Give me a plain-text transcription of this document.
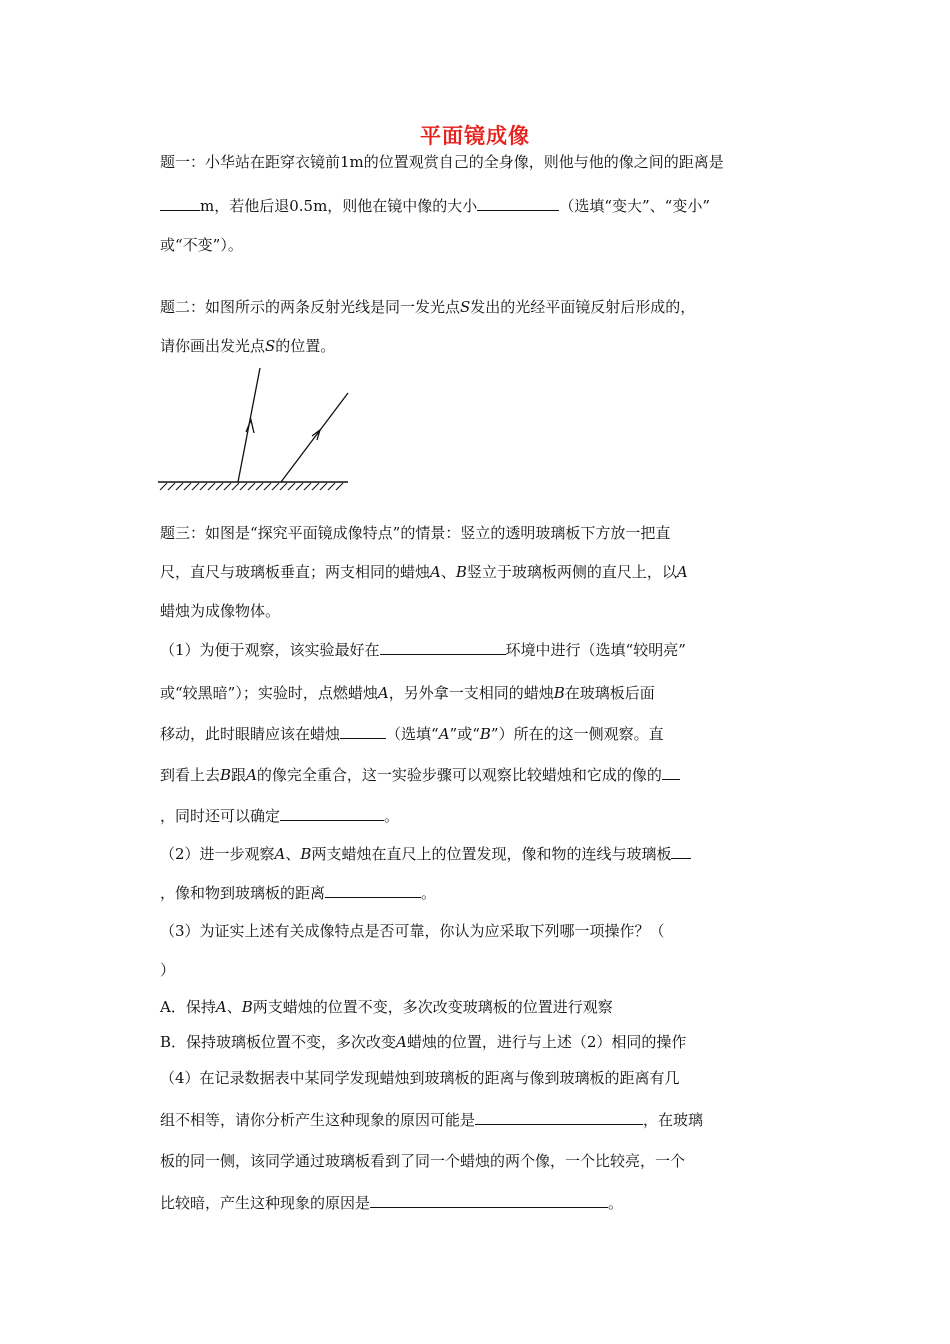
平面镜成像
题一：小华站在距穿衣镜前1m的位置观赏自己的全身像，则他与他的像之间的距离是
m，若他后退0.5m，则他在镜中像的大小	（选填“变大”、“变小”
或“不变”）。
题二：如图所示的两条反射光线是同一发光点S发出的光经平面镜反射后形成的，
请你画出发光点S的位置。
题三：如图是“探究平面镜成像特点”的情景：竖立的透明玻璃板下方放一把直
尺，直尺与玻璃板垂直；两支相同的蜡烛A、B竖立于玻璃板两侧的直尺上，以A
蜡烛为成像物体。
（1）为便于观察，该实验最好在	环境中进行（选填“较明亮”
或“较黑暗”）；实验时，点燃蜡烛A，另外拿一支相同的蜡烛B在玻璃板后面
移动，此时眼睛应该在蜡烛	（选填“A”或“B”）所在的这一侧观察。直
到看上去B跟A的像完全重合，这一实验步骤可以观察比较蜡烛和它成的像的
，同时还可以确定	。
（2）进一步观察A、B两支蜡烛在直尺上的位置发现，像和物的连线与玻璃板
，像和物到玻璃板的距离	。
（3）为证实上述有关成像特点是否可靠，你认为应采取下列哪一项操作？（
）
A．保持A、B两支蜡烛的位置不变，多次改变玻璃板的位置进行观察
B．保持玻璃板位置不变，多次改变A蜡烛的位置，进行与上述（2）相同的操作
（4）在记录数据表中某同学发现蜡烛到玻璃板的距离与像到玻璃板的距离有几
组不相等，请你分析产生这种现象的原因可能是	，在玻璃
板的同一侧，该同学通过玻璃板看到了同一个蜡烛的两个像，一个比较亮，一个
比较暗，产生这种现象的原因是	。
